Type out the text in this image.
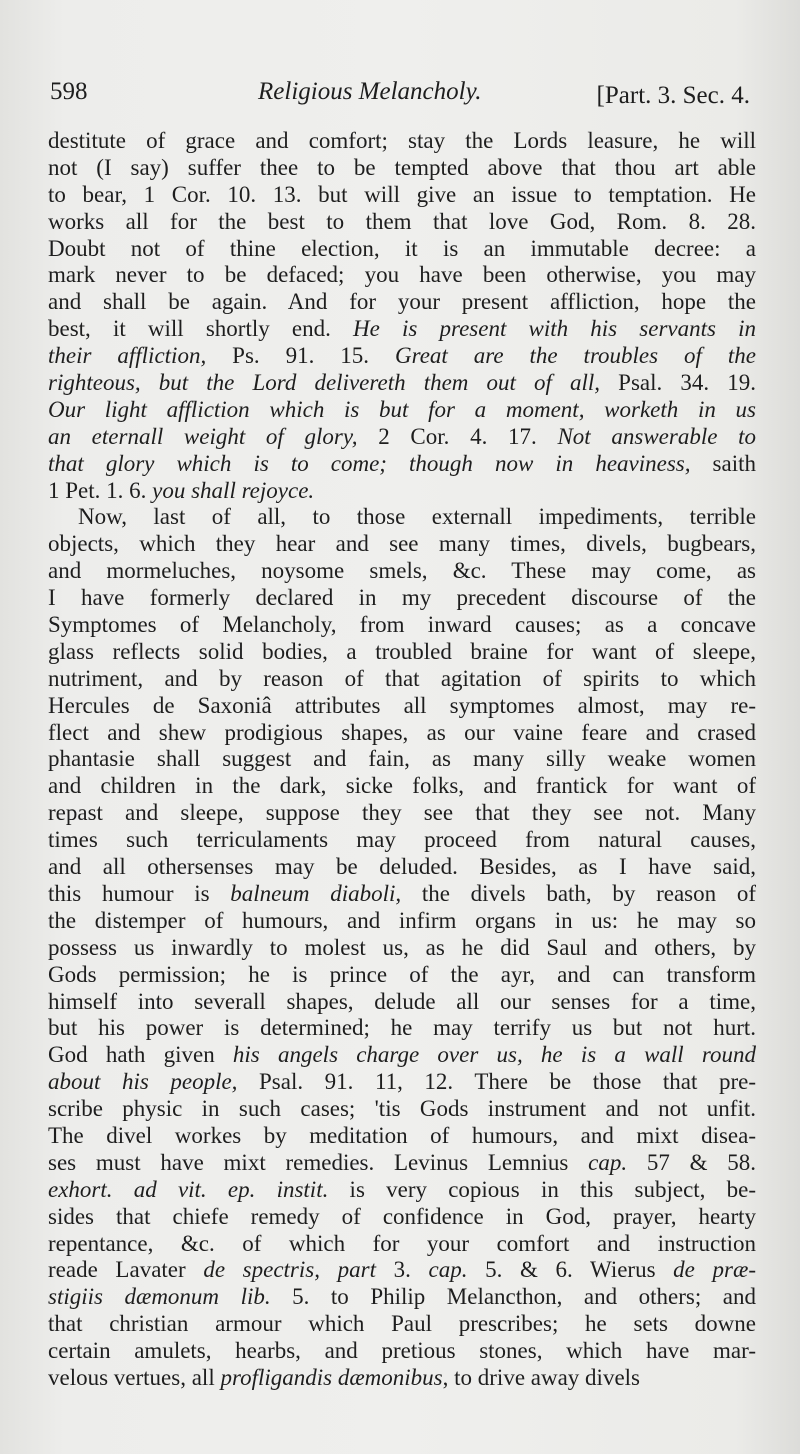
598	Religious Melancholy.	[Part. 3. Sec. 4.
destitute of grace and comfort; stay the Lords leasure, he will
not (I say) suffer thee to be tempted above that thou art able
to bear, 1 Cor. 10. 13. but will give an issue to temptation. He
works all for the best to them that love God, Rom. 8. 28.
Doubt not of thine election, it is an immutable decree: a
mark never to be defaced; you have been otherwise, you may
and shall be again. And for your present affliction, hope the
best, it will shortly end. He is present with his servants in
their affliction, Ps. 91. 15. Great are the troubles of the
righteous, but the Lord delivereth them out of all, Psal. 34. 19.
Our light affliction which is but for a moment, worketh in us
an eternall weight of glory, 2 Cor. 4. 17. Not answerable to
that glory which is to come; though now in heaviness, saith
1 Pet. 1. 6. you shall rejoyce.
Now, last of all, to those externall impediments, terrible
objects, which they hear and see many times, divels, bugbears,
and mormeluches, noysome smels, &c. These may come, as
I have formerly declared in my precedent discourse of the
Symptomes of Melancholy, from inward causes; as a concave
glass reflects solid bodies, a troubled braine for want of sleepe,
nutriment, and by reason of that agitation of spirits to which
Hercules de Saxoniâ attributes all symptomes almost, may re-
flect and shew prodigious shapes, as our vaine feare and crased
phantasie shall suggest and fain, as many silly weake women
and children in the dark, sicke folks, and frantick for want of
repast and sleepe, suppose they see that they see not. Many
times such terriculaments may proceed from natural causes,
and all othersenses may be deluded. Besides, as I have said,
this humour is balneum diaboli, the divels bath, by reason of
the distemper of humours, and infirm organs in us: he may so
possess us inwardly to molest us, as he did Saul and others, by
Gods permission; he is prince of the ayr, and can transform
himself into severall shapes, delude all our senses for a time,
but his power is determined; he may terrify us but not hurt.
God hath given his angels charge over us, he is a wall round
about his people, Psal. 91. 11, 12. There be those that pre-
scribe physic in such cases; 'tis Gods instrument and not unfit.
The divel workes by meditation of humours, and mixt disea-
ses must have mixt remedies. Levinus Lemnius cap. 57 & 58.
exhort. ad vit. ep. instit. is very copious in this subject, be-
sides that chiefe remedy of confidence in God, prayer, hearty
repentance, &c. of which for your comfort and instruction
reade Lavater de spectris, part 3. cap. 5. & 6. Wierus de præ-
stigiis dæmonum lib. 5. to Philip Melancthon, and others; and
that christian armour which Paul prescribes; he sets downe
certain amulets, hearbs, and pretious stones, which have mar-
velous vertues, all profligandis dæmonibus, to drive away divels
